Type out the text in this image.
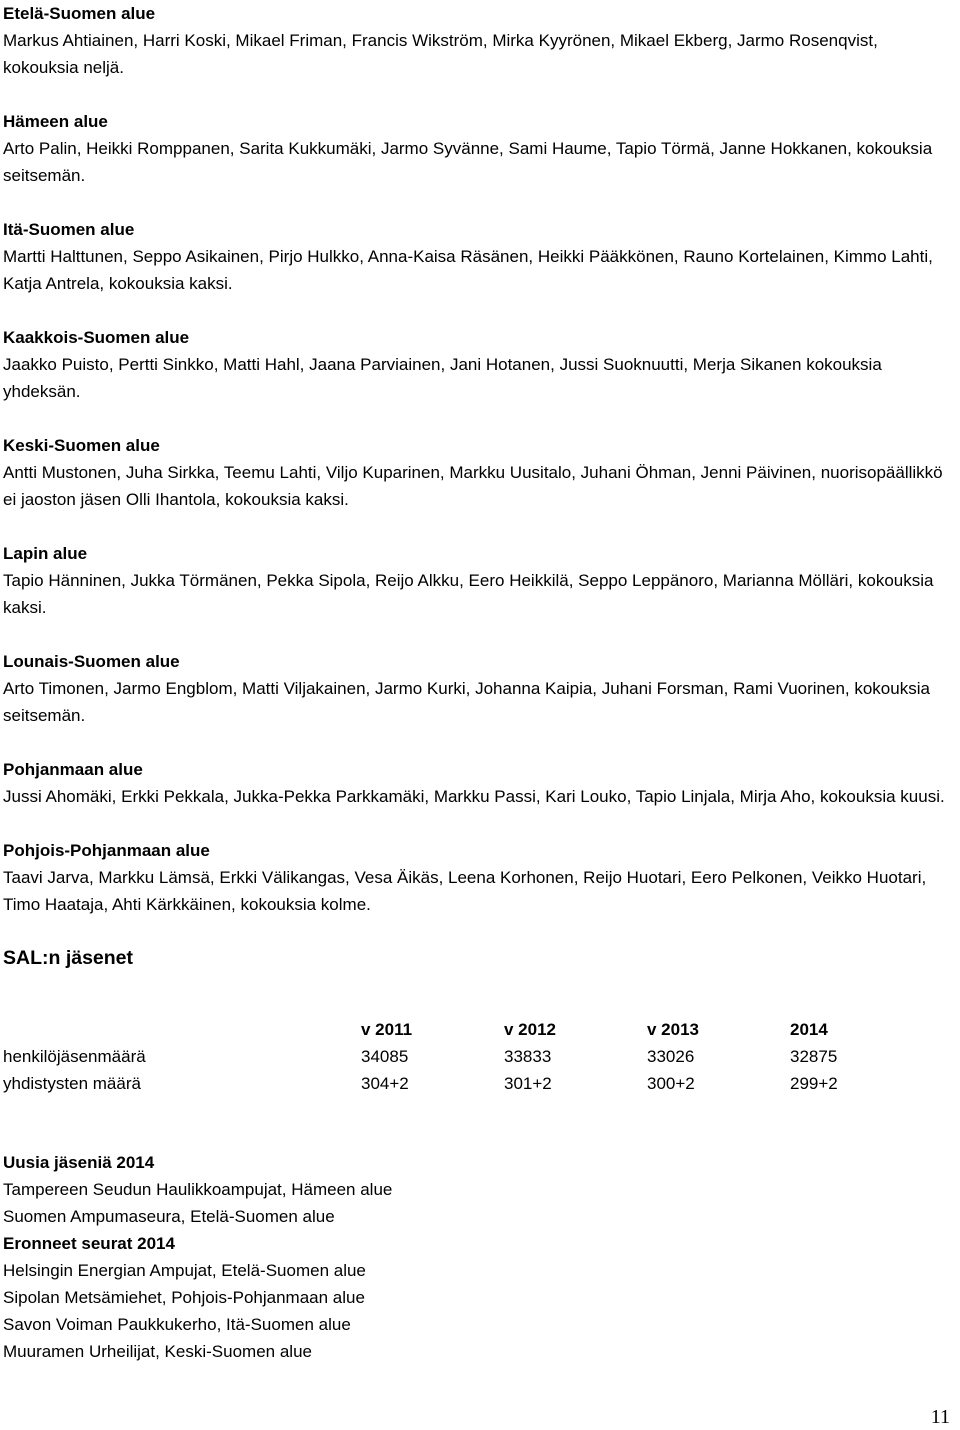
Etelä-Suomen alue
Markus Ahtiainen, Harri Koski, Mikael Friman, Francis Wikström, Mirka Kyyrönen, Mikael Ekberg, Jarmo Rosenqvist, kokouksia neljä.
Hämeen alue
Arto Palin, Heikki Romppanen, Sarita Kukkumäki, Jarmo Syvänne, Sami Haume, Tapio Törmä, Janne Hokkanen, kokouksia seitsemän.
Itä-Suomen alue
Martti Halttunen, Seppo Asikainen, Pirjo Hulkko, Anna-Kaisa Räsänen, Heikki Pääkkönen, Rauno Kortelainen, Kimmo Lahti, Katja Antrela, kokouksia kaksi.
Kaakkois-Suomen alue
Jaakko Puisto, Pertti Sinkko, Matti Hahl, Jaana Parviainen, Jani Hotanen, Jussi Suoknuutti, Merja Sikanen kokouksia yhdeksän.
Keski-Suomen alue
Antti Mustonen, Juha Sirkka, Teemu Lahti, Viljo Kuparinen, Markku Uusitalo, Juhani Öhman, Jenni Päivinen, nuorisopäällikkö ei jaoston jäsen Olli Ihantola, kokouksia kaksi.
Lapin alue
Tapio Hänninen, Jukka Törmänen, Pekka Sipola, Reijo Alkku, Eero Heikkilä, Seppo Leppänoro, Marianna Mölläri, kokouksia kaksi.
Lounais-Suomen alue
Arto Timonen, Jarmo Engblom, Matti Viljakainen, Jarmo Kurki, Johanna Kaipia, Juhani Forsman, Rami Vuorinen, kokouksia seitsemän.
Pohjanmaan alue
Jussi Ahomäki, Erkki Pekkala, Jukka-Pekka Parkkamäki, Markku Passi, Kari Louko, Tapio Linjala, Mirja Aho, kokouksia kuusi.
Pohjois-Pohjanmaan alue
Taavi Jarva, Markku Lämsä, Erkki Välikangas, Vesa Äikäs, Leena Korhonen, Reijo Huotari, Eero Pelkonen, Veikko Huotari, Timo Haataja, Ahti Kärkkäinen, kokouksia kolme.
SAL:n jäsenet
	v 2011	v 2012	v 2013	2014
henkilöjäsenmäärä	34085	33833	33026	32875
yhdistysten määrä	304+2	301+2	300+2	299+2
Uusia jäseniä 2014
Tampereen Seudun Haulikkoampujat, Hämeen alue
Suomen Ampumaseura, Etelä-Suomen alue
Eronneet seurat 2014
Helsingin Energian Ampujat, Etelä-Suomen alue
Sipolan Metsämiehet, Pohjois-Pohjanmaan alue
Savon Voiman Paukkukerho, Itä-Suomen alue
Muuramen Urheilijat, Keski-Suomen alue
11
